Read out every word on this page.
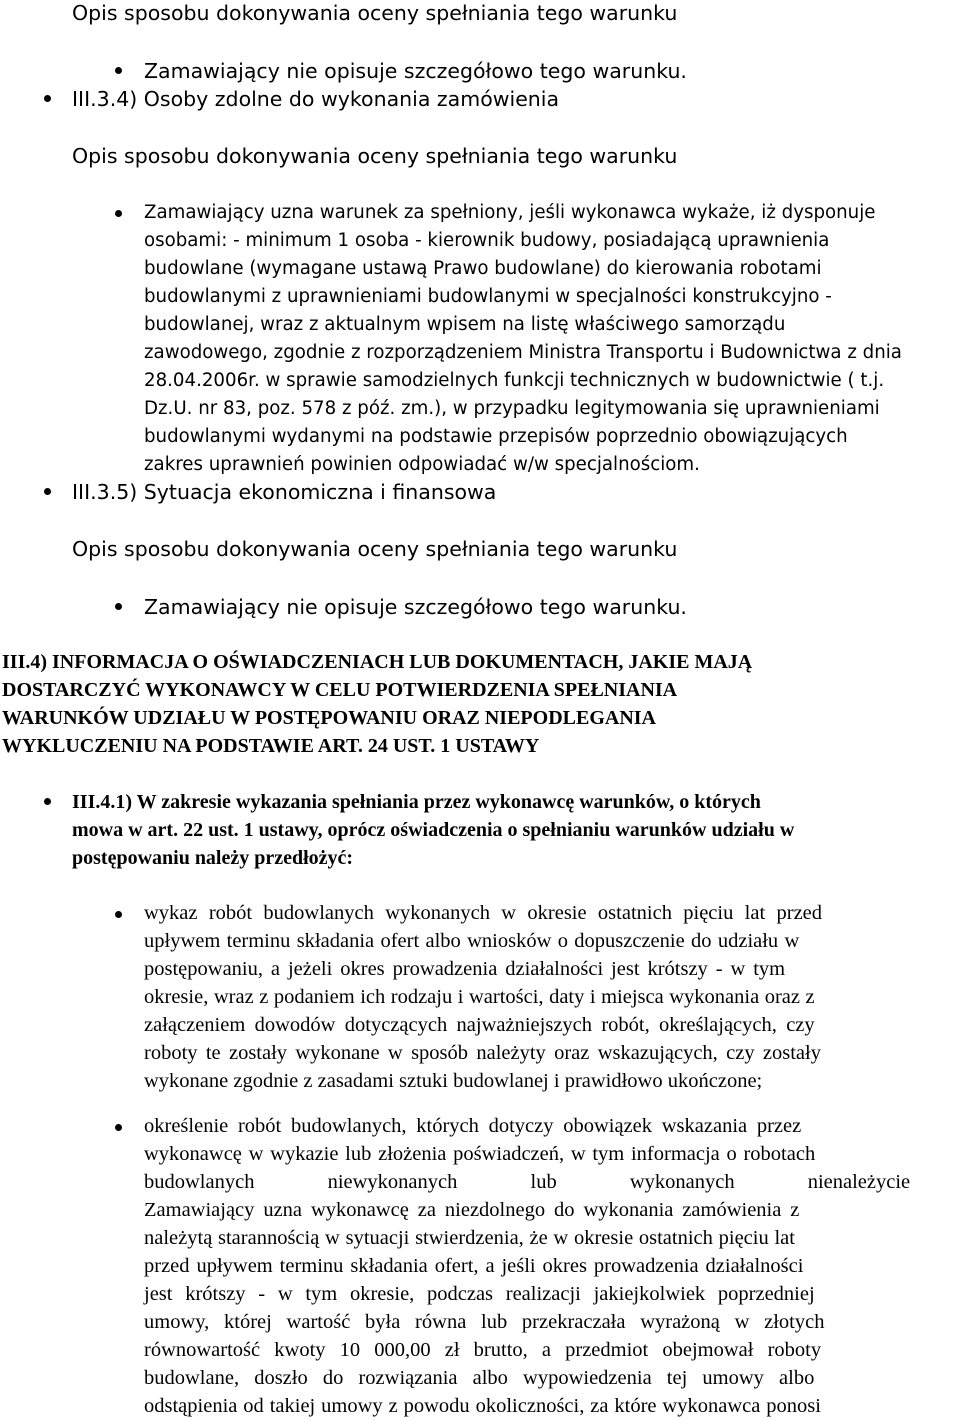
Opis sposobu dokonywania oceny spełniania tego warunku
Zamawiający nie opisuje szczegółowo tego warunku.
III.3.4) Osoby zdolne do wykonania zamówienia
Opis sposobu dokonywania oceny spełniania tego warunku
Zamawiający uzna warunek za spełniony, jeśli wykonawca wykaże, iż dysponuje
osobami: - minimum 1 osoba - kierownik budowy, posiadającą uprawnienia
budowlane (wymagane ustawą Prawo budowlane) do kierowania robotami
budowlanymi z uprawnieniami budowlanymi w specjalności konstrukcyjno -
budowlanej, wraz z aktualnym wpisem na listę właściwego samorządu
zawodowego, zgodnie z rozporządzeniem Ministra Transportu i Budownictwa z dnia
28.04.2006r. w sprawie samodzielnych funkcji technicznych w budownictwie ( t.j.
Dz.U. nr 83, poz. 578 z póź. zm.), w przypadku legitymowania się uprawnieniami
budowlanymi wydanymi na podstawie przepisów poprzednio obowiązujących
zakres uprawnień powinien odpowiadać w/w specjalnościom.
III.3.5) Sytuacja ekonomiczna i finansowa
Opis sposobu dokonywania oceny spełniania tego warunku
Zamawiający nie opisuje szczegółowo tego warunku.
III.4) INFORMACJA O OŚWIADCZENIACH LUB DOKUMENTACH, JAKIE MAJĄ
DOSTARCZYĆ WYKONAWCY W CELU POTWIERDZENIA SPEŁNIANIA
WARUNKÓW UDZIAŁU W POSTĘPOWANIU ORAZ NIEPODLEGANIA
WYKLUCZENIU NA PODSTAWIE ART. 24 UST. 1 USTAWY
III.4.1) W zakresie wykazania spełniania przez wykonawcę warunków, o których
mowa w art. 22 ust. 1 ustawy, oprócz oświadczenia o spełnianiu warunków udziału w
postępowaniu należy przedłożyć:
wykaz robót budowlanych wykonanych w okresie ostatnich pięciu lat przed
upływem terminu składania ofert albo wniosków o dopuszczenie do udziału w
postępowaniu, a jeżeli okres prowadzenia działalności jest krótszy - w tym
okresie, wraz z podaniem ich rodzaju i wartości, daty i miejsca wykonania oraz z
załączeniem dowodów dotyczących najważniejszych robót, określających, czy
roboty te zostały wykonane w sposób należyty oraz wskazujących, czy zostały
wykonane zgodnie z zasadami sztuki budowlanej i prawidłowo ukończone;
określenie robót budowlanych, których dotyczy obowiązek wskazania przez
wykonawcę w wykazie lub złożenia poświadczeń, w tym informacja o robotach
budowlanych niewykonanych lub wykonanych nienależycie
Zamawiający uzna wykonawcę za niezdolnego do wykonania zamówienia z
należytą starannością w sytuacji stwierdzenia, że w okresie ostatnich pięciu lat
przed upływem terminu składania ofert, a jeśli okres prowadzenia działalności
jest krótszy - w tym okresie, podczas realizacji jakiejkolwiek poprzedniej
umowy, której wartość była równa lub przekraczała wyrażoną w złotych
równowartość kwoty 10 000,00 zł brutto, a przedmiot obejmował roboty
budowlane, doszło do rozwiązania albo wypowiedzenia tej umowy albo
odstąpienia od takiej umowy z powodu okoliczności, za które wykonawca ponosi
